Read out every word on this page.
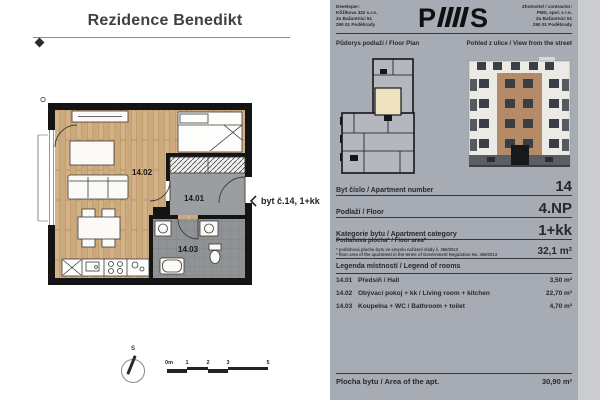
Rezidence Benedikt
14.02
14.01
14.03
byt č.14, 1+kk
S
0m 1	2	3	5
Developer:
Křižíkova 322 s.r.o.
Za Bažantnicí 51
290 01 Poděbrady P S	Zhotovitel / contractor:
PMS, spol. s r.o.
Za Bažantnicí 51
290 01 Poděbrady
Půdorys podlaží / Floor Plan	Pohled z ulice / View from the street
Byt číslo / Apartment number	14
Podlaží / Floor	4.NP
Kategorie bytu / Apartment category	1+kk
Podlahová plocha* / Floor area*
* podlahová plocha bytu ve smyslu nařízení vlády č. 366/2013
* floor area of the apartment in the terms of Government Regulation No. 366/2013	32,1 m²
Legenda místností / Legend of rooms
14.01 Předsíň / Hall	3,50 m²
14.02 Obývací pokoj + kk / Living room + kitchen	22,70 m²
14.03 Koupelna + WC / Bathroom + toilet	4,70 m²
Plocha bytu / Area of the apt.	30,90 m²
